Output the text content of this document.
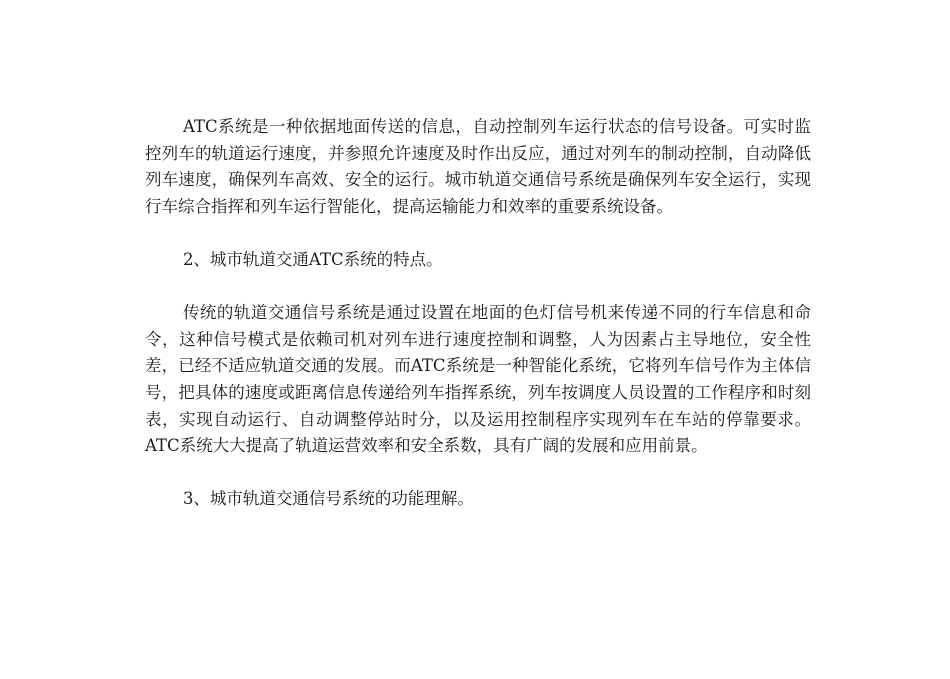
ATC系统是一种依据地面传送的信息，自动控制列车运行状态的信号设备。可实时监控列车的轨道运行速度，并参照允许速度及时作出反应，通过对列车的制动控制，自动降低列车速度，确保列车高效、安全的运行。城市轨道交通信号系统是确保列车安全运行，实现行车综合指挥和列车运行智能化，提高运输能力和效率的重要系统设备。

2、城市轨道交通ATC系统的特点。

传统的轨道交通信号系统是通过设置在地面的色灯信号机来传递不同的行车信息和命令，这种信号模式是依赖司机对列车进行速度控制和调整，人为因素占主导地位，安全性差，已经不适应轨道交通的发展。而ATC系统是一种智能化系统，它将列车信号作为主体信号，把具体的速度或距离信息传递给列车指挥系统，列车按调度人员设置的工作程序和时刻表，实现自动运行、自动调整停站时分，以及运用控制程序实现列车在车站的停靠要求。ATC系统大大提高了轨道运营效率和安全系数，具有广阔的发展和应用前景。

3、城市轨道交通信号系统的功能理解。
